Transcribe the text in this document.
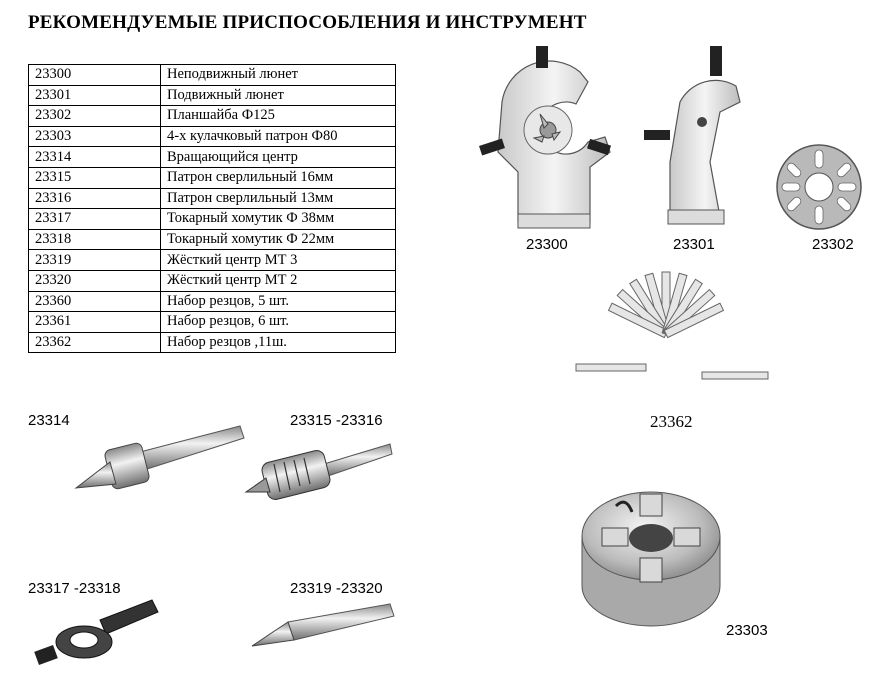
РЕКОМЕНДУЕМЫЕ ПРИСПОСОБЛЕНИЯ И ИНСТРУМЕНТ
23300	Неподвижный люнет
23301	Подвижный люнет
23302	Планшайба Ф125
23303	4-х кулачковый патрон Ф80
23314	Вращающийся центр
23315	Патрон сверлильный 16мм
23316	Патрон сверлильный 13мм
23317	Токарный хомутик Ф 38мм
23318	Токарный хомутик Ф 22мм
23319	Жёсткий центр МТ 3
23320	Жёсткий центр МТ 2
23360	Набор резцов, 5 шт.
23361	Набор резцов, 6 шт.
23362	Набор резцов ,11ш.
23300	23301	23302
23362
23314	23315 -23316
23303
23317 -23318	23319 -23320
